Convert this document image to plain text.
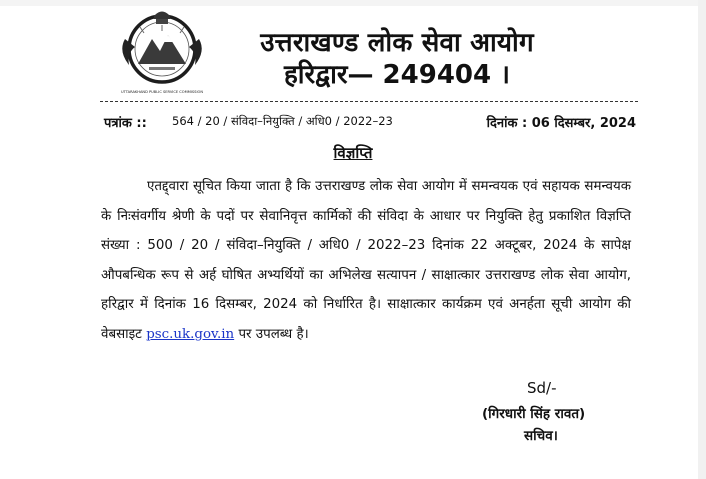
UTTARAKHAND PUBLIC SERVICE COMMISSION
उत्तराखण्ड लोक सेवा आयोग
हरिद्वार— 249404 ।
पत्रांक :: 564 / 20 / संविदा–नियुक्ति / अधि0 / 2022–23	दिनांक : 06 दिसम्बर, 2024
विज्ञप्ति
एतद्द्वारा सूचित किया जाता है कि उत्तराखण्ड लोक सेवा आयोग में समन्वयक एवं सहायक समन्वयक के निःसंवर्गीय श्रेणी के पदों पर सेवानिवृत्त कार्मिकों की संविदा के आधार पर नियुक्ति हेतु प्रकाशित विज्ञप्ति संख्या : 500 / 20 / संविदा–नियुक्ति / अधि0 / 2022–23 दिनांक 22 अक्टूबर, 2024 के सापेक्ष औपबन्धिक रूप से अर्ह घोषित अभ्यर्थियों का अभिलेख सत्यापन / साक्षात्कार उत्तराखण्ड लोक सेवा आयोग, हरिद्वार में दिनांक 16 दिसम्बर, 2024 को निर्धारित है। साक्षात्कार कार्यक्रम एवं अनर्हता सूची आयोग की वेबसाइट psc.uk.gov.in पर उपलब्ध है।
Sd/-
(गिरधारी सिंह रावत)
सचिव।
